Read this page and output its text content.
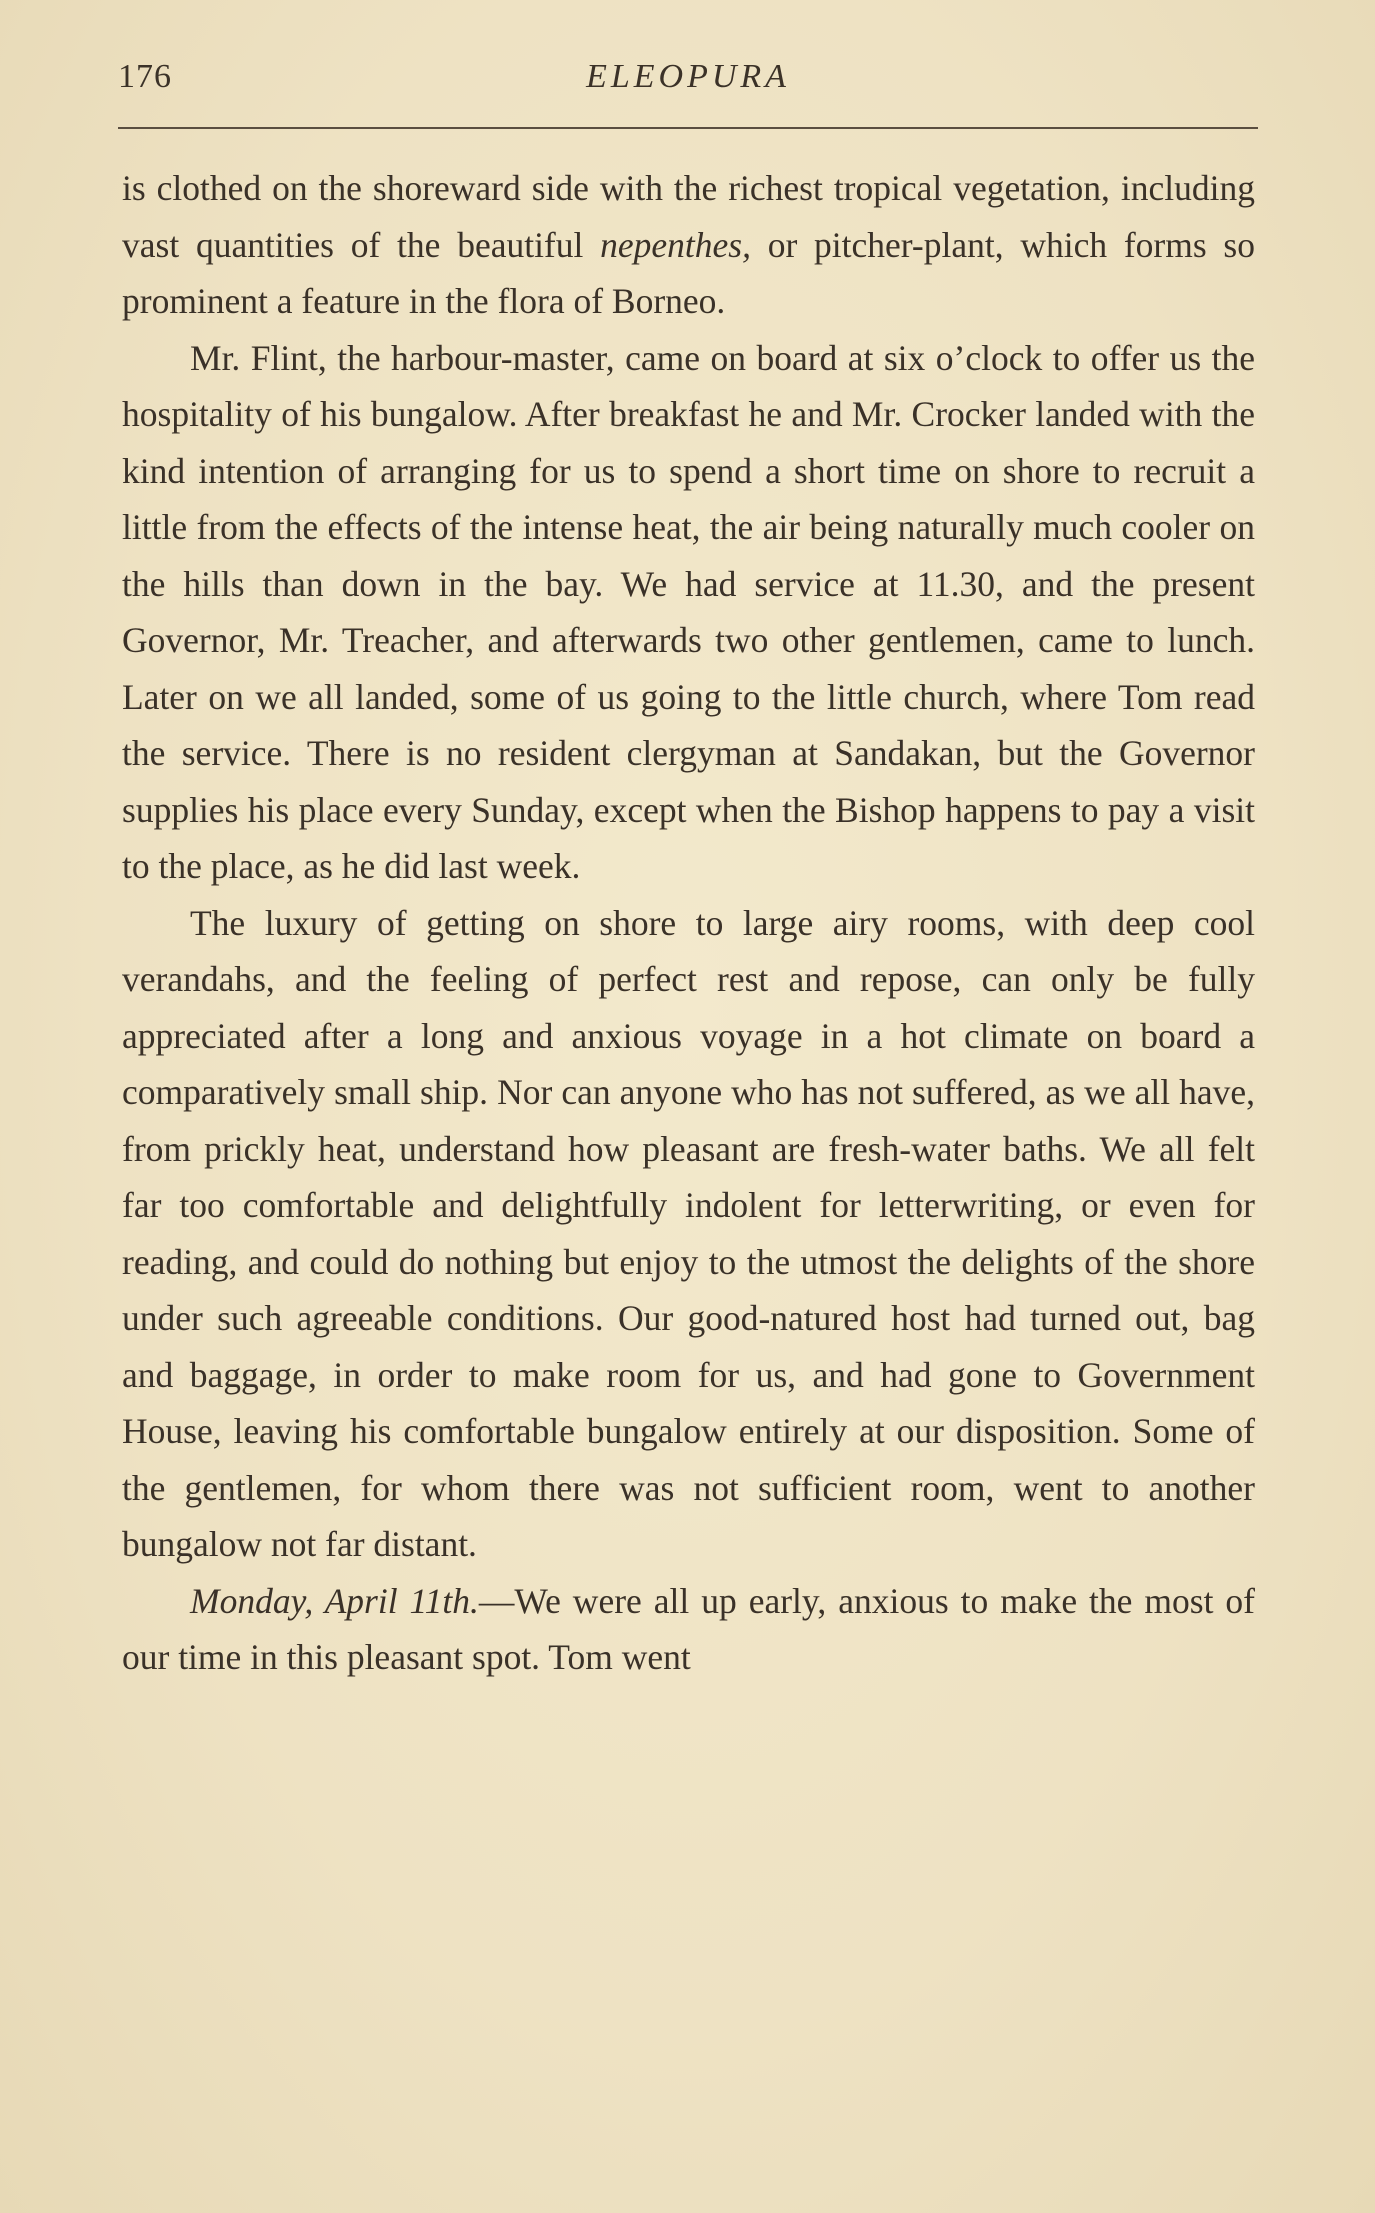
176	ELEOPURA

is clothed on the shoreward side with the richest tropical vegetation, including vast quantities of the beautiful nepenthes, or pitcher-plant, which forms so prominent a feature in the flora of Borneo.

Mr. Flint, the harbour-master, came on board at six o’clock to offer us the hospitality of his bungalow. After breakfast he and Mr. Crocker landed with the kind intention of arranging for us to spend a short time on shore to recruit a little from the effects of the intense heat, the air being naturally much cooler on the hills than down in the bay. We had service at 11.30, and the present Governor, Mr. Treacher, and afterwards two other gentlemen, came to lunch. Later on we all landed, some of us going to the little church, where Tom read the service. There is no resident clergyman at Sandakan, but the Governor supplies his place every Sunday, except when the Bishop happens to pay a visit to the place, as he did last week.

The luxury of getting on shore to large airy rooms, with deep cool verandahs, and the feeling of perfect rest and repose, can only be fully appreciated after a long and anxious voyage in a hot climate on board a comparatively small ship. Nor can anyone who has not suffered, as we all have, from prickly heat, understand how pleasant are fresh-water baths. We all felt far too comfortable and delightfully indolent for letterwriting, or even for reading, and could do nothing but enjoy to the utmost the delights of the shore under such agreeable conditions. Our good-natured host had turned out, bag and baggage, in order to make room for us, and had gone to Government House, leaving his comfortable bungalow entirely at our disposition. Some of the gentlemen, for whom there was not sufficient room, went to another bungalow not far distant.

Monday, April 11th.—We were all up early, anxious to make the most of our time in this pleasant spot. Tom went
